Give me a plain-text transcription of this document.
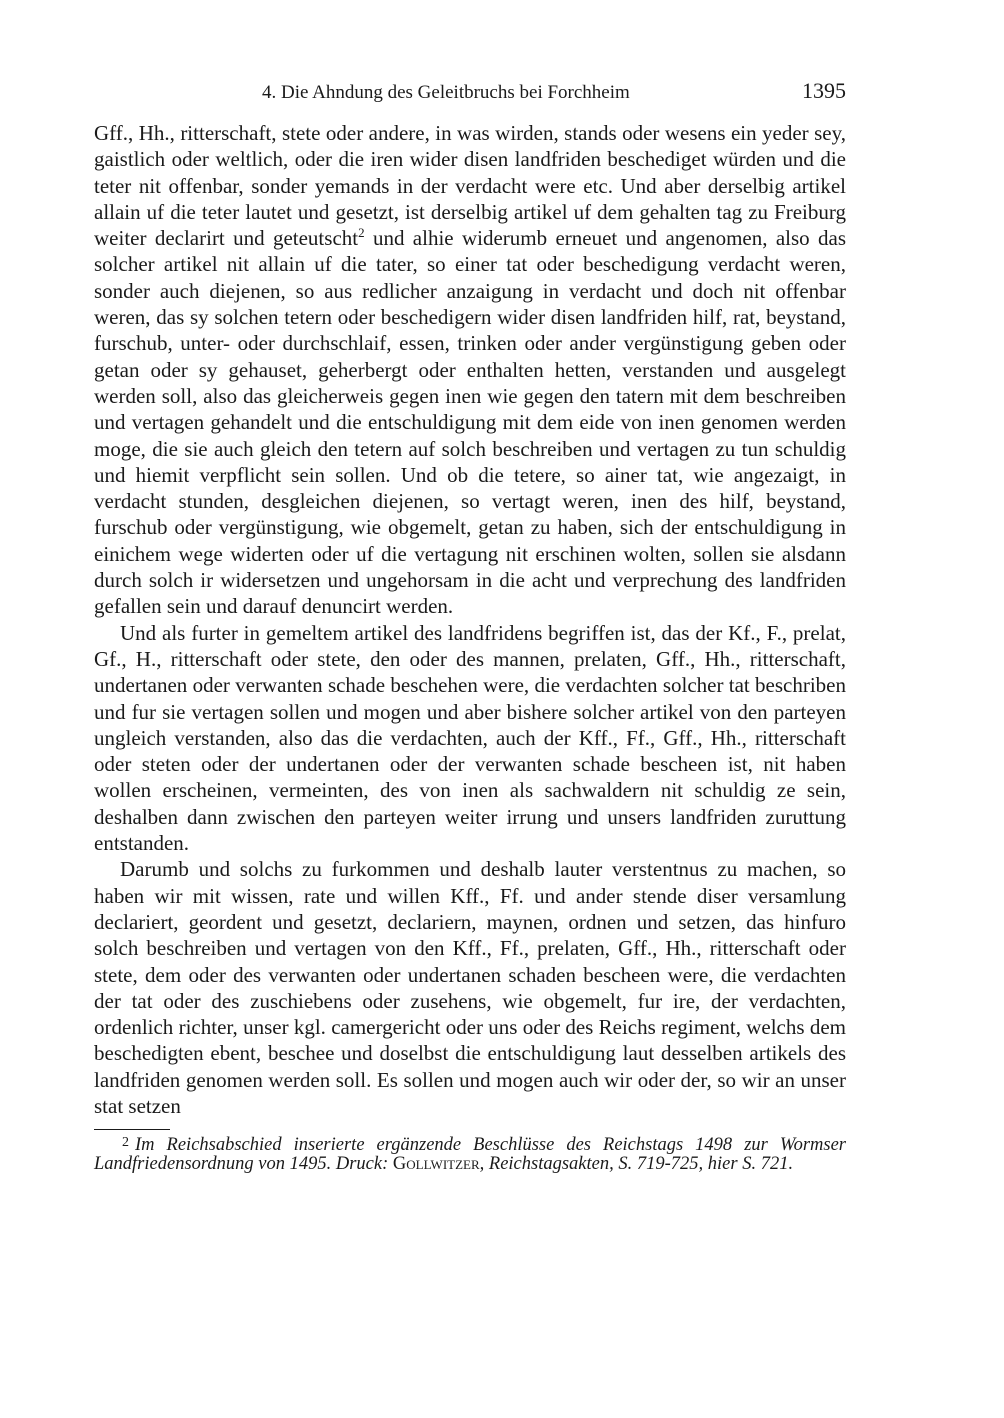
4. Die Ahndung des Geleitbruchs bei Forchheim	1395

Gff., Hh., ritterschaft, stete oder andere, in was wirden, stands oder wesens ein yeder sey, gaistlich oder weltlich, oder die iren wider disen landfriden beschediget würden und die teter nit offenbar, sonder yemands in der verdacht were etc. Und aber derselbig artikel allain uf die teter lautet und gesetzt, ist derselbig artikel uf dem gehalten tag zu Freiburg weiter declarirt und geteutscht$^2$ und alhie widerumb erneuet und angenomen, also das solcher artikel nit allain uf die tater, so einer tat oder beschedigung verdacht weren, sonder auch diejenen, so aus redlicher anzaigung in verdacht und doch nit offenbar weren, das sy solchen tetern oder beschedigern wider disen landfriden hilf, rat, beystand, furschub, unter- oder durchschlaif, essen, trinken oder ander vergünstigung geben oder getan oder sy gehauset, geherbergt oder enthalten hetten, verstanden und ausgelegt werden soll, also das gleicherweis gegen inen wie gegen den tatern mit dem beschreiben und vertagen gehandelt und die entschuldigung mit dem eide von inen genomen werden moge, die sie auch gleich den tetern auf solch beschreiben und vertagen zu tun schuldig und hiemit verpflicht sein sollen. Und ob die tetere, so ainer tat, wie angezaigt, in verdacht stunden, desgleichen diejenen, so vertagt weren, inen des hilf, beystand, furschub oder vergünstigung, wie obgemelt, getan zu haben, sich der entschuldigung in einichem wege widerten oder uf die vertagung nit erschinen wolten, sollen sie alsdann durch solch ir widersetzen und ungehorsam in die acht und verprechung des landfriden gefallen sein und darauf denuncirt werden.

Und als furter in gemeltem artikel des landfridens begriffen ist, das der Kf., F., prelat, Gf., H., ritterschaft oder stete, den oder des mannen, prelaten, Gff., Hh., ritterschaft, undertanen oder verwanten schade beschehen were, die verdachten solcher tat beschriben und fur sie vertagen sollen und mogen und aber bishere solcher artikel von den parteyen ungleich verstanden, also das die verdachten, auch der Kff., Ff., Gff., Hh., ritterschaft oder steten oder der undertanen oder der verwanten schade bescheen ist, nit haben wollen erscheinen, vermeinten, des von inen als sachwaldern nit schuldig ze sein, deshalben dann zwischen den parteyen weiter irrung und unsers landfriden zuruttung entstanden.

Darumb und solchs zu furkommen und deshalb lauter verstentnus zu machen, so haben wir mit wissen, rate und willen Kff., Ff. und ander stende diser versamlung declariert, geordent und gesetzt, declariern, maynen, ordnen und setzen, das hinfuro solch beschreiben und vertagen von den Kff., Ff., prelaten, Gff., Hh., ritterschaft oder stete, dem oder des verwanten oder undertanen schaden bescheen were, die verdachten der tat oder des zuschiebens oder zusehens, wie obgemelt, fur ire, der verdachten, ordenlich richter, unser kgl. camergericht oder uns oder des Reichs regiment, welchs dem beschedigten ebent, beschee und doselbst die entschuldigung laut desselben artikels des landfriden genomen werden soll. Es sollen und mogen auch wir oder der, so wir an unser stat setzen

$^2$ Im Reichsabschied inserierte ergänzende Beschlüsse des Reichstags 1498 zur Wormser Landfriedensordnung von 1495. Druck: Gollwitzer, Reichstagsakten, S. 719-725, hier S. 721.
